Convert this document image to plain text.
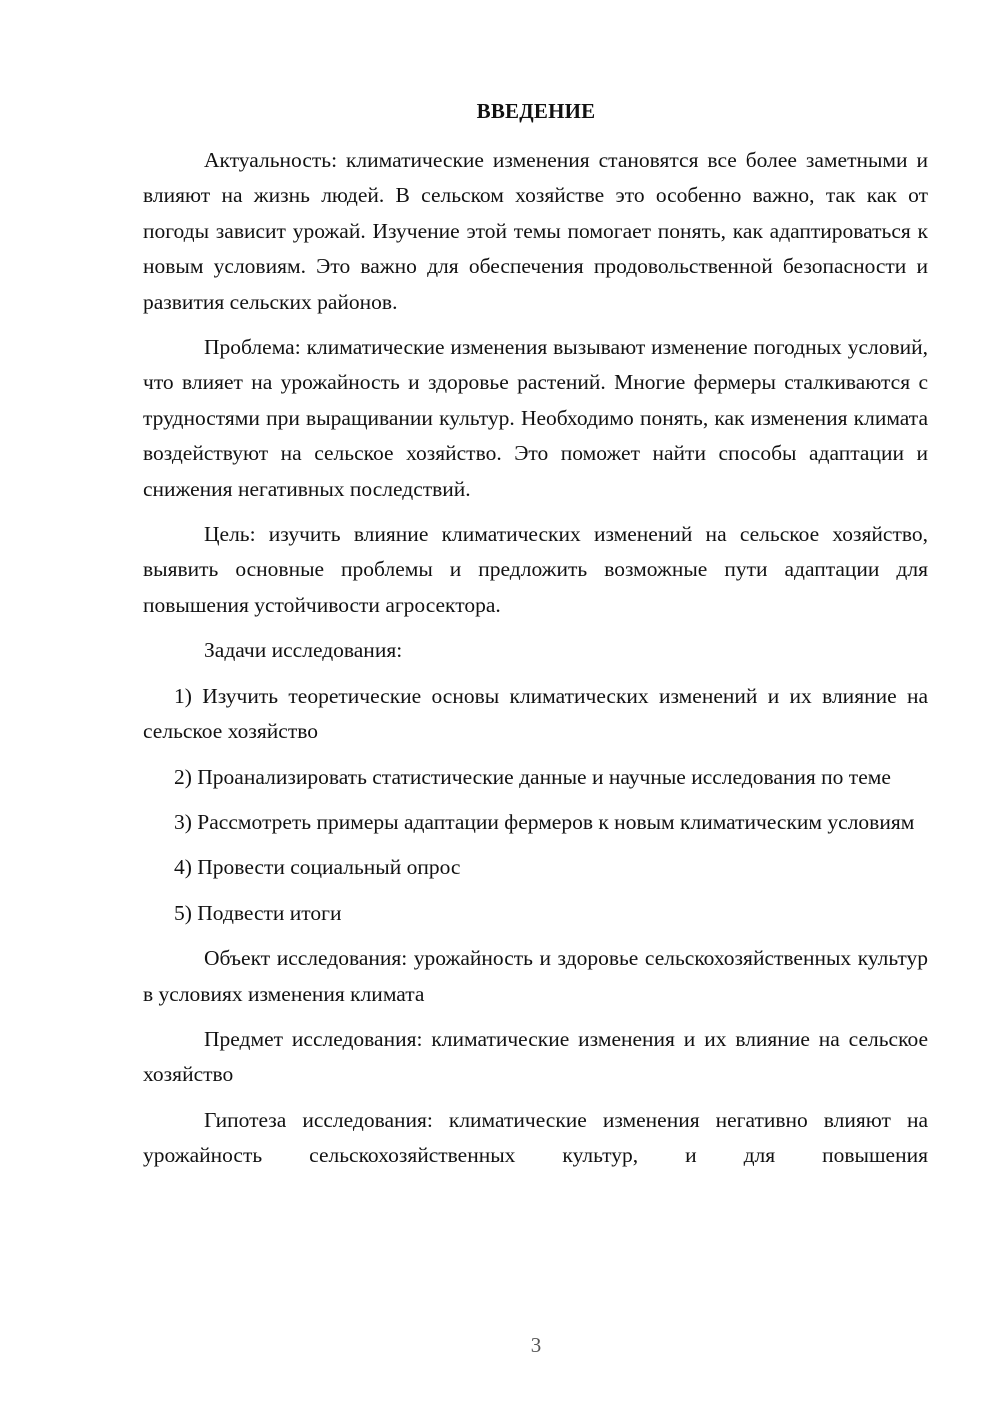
ВВЕДЕНИЕ

Актуальность: климатические изменения становятся все более заметными и влияют на жизнь людей. В сельском хозяйстве это особенно важно, так как от погоды зависит урожай. Изучение этой темы помогает понять, как адаптироваться к новым условиям. Это важно для обеспечения продовольственной безопасности и развития сельских районов.

Проблема: климатические изменения вызывают изменение погодных условий, что влияет на урожайность и здоровье растений. Многие фермеры сталкиваются с трудностями при выращивании культур. Необходимо понять, как изменения климата воздействуют на сельское хозяйство. Это поможет найти способы адаптации и снижения негативных последствий.

Цель: изучить влияние климатических изменений на сельское хозяйство, выявить основные проблемы и предложить возможные пути адаптации для повышения устойчивости агросектора.

Задачи исследования:

1) Изучить теоретические основы климатических изменений и их влияние на сельское хозяйство

2) Проанализировать статистические данные и научные исследования по теме

3) Рассмотреть примеры адаптации фермеров к новым климатическим условиям

4) Провести социальный опрос

5) Подвести итоги

Объект исследования: урожайность и здоровье сельскохозяйственных культур в условиях изменения климата

Предмет исследования: климатические изменения и их влияние на сельское хозяйство

Гипотеза исследования: климатические изменения негативно влияют на урожайность сельскохозяйственных культур, и для повышения

3
